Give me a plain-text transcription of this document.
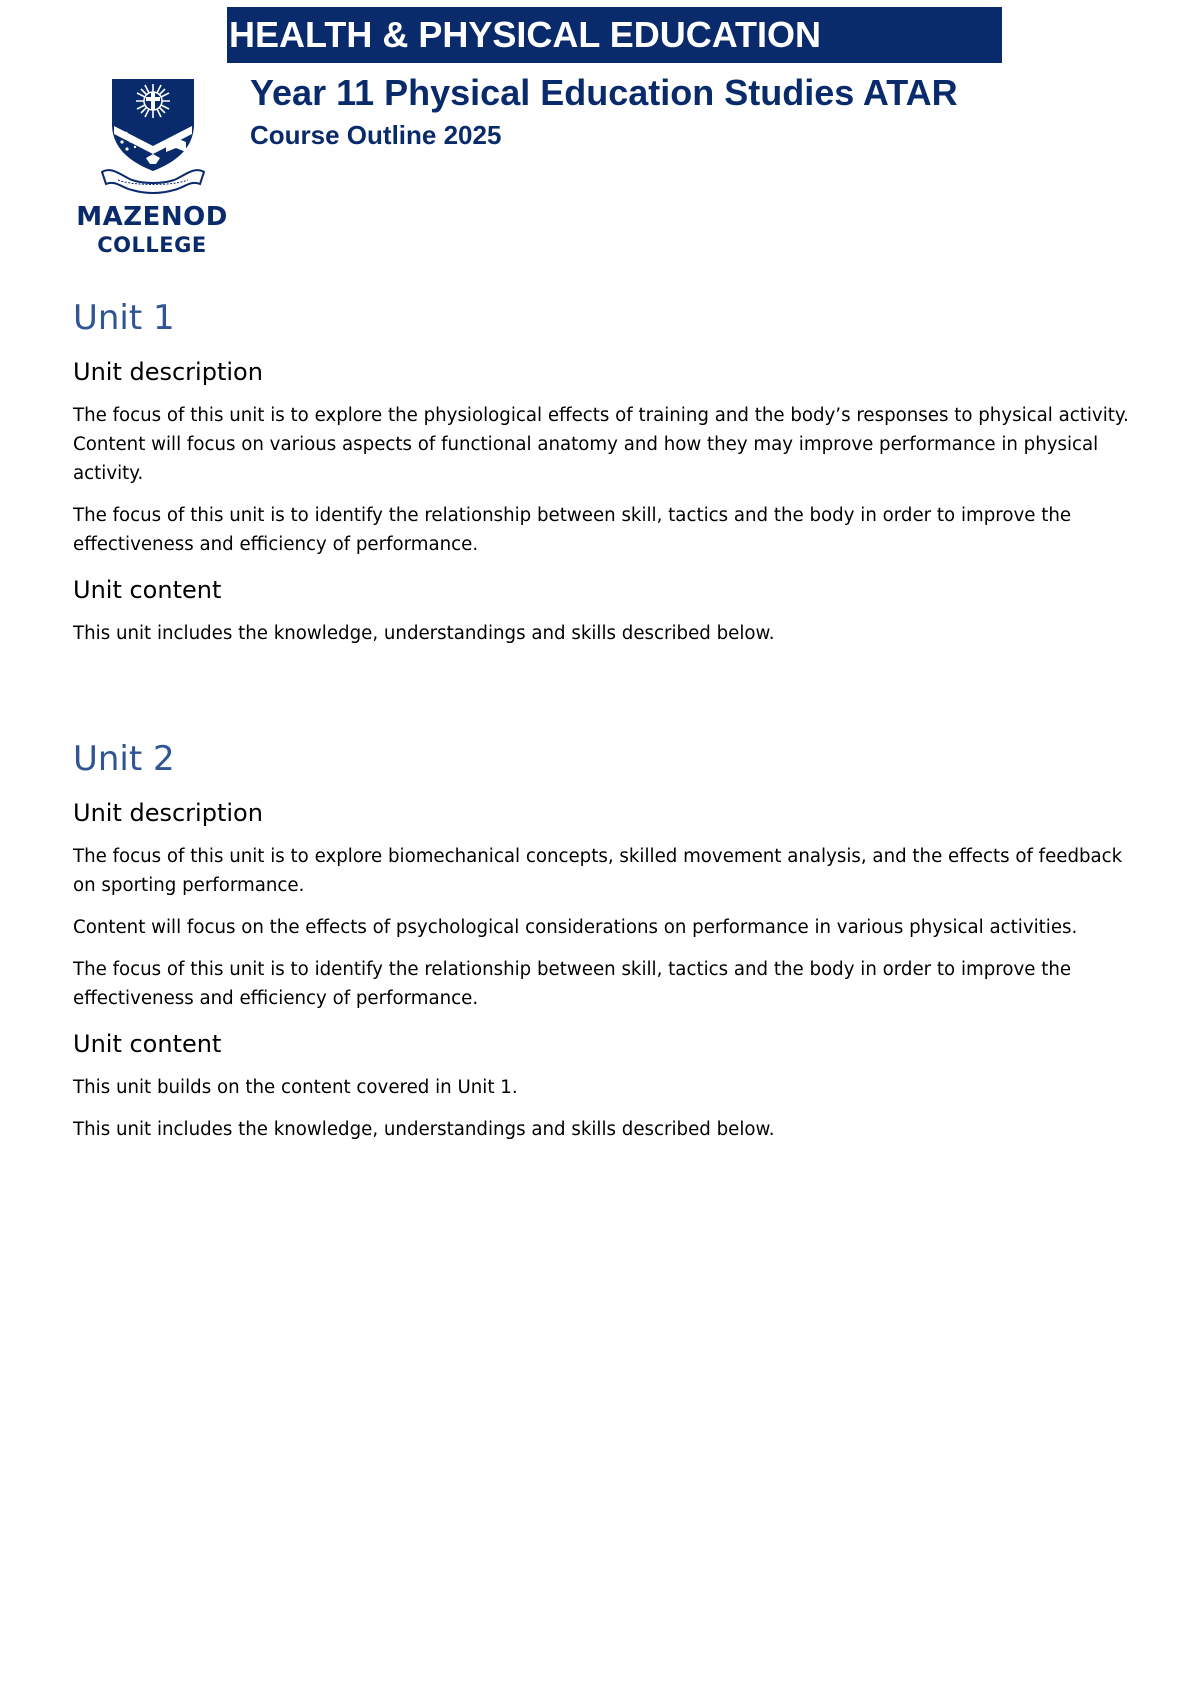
HEALTH & PHYSICAL EDUCATION
MAZENOD
COLLEGE
Year 11 Physical Education Studies ATAR
Course Outline 2025
Unit 1
Unit description

The focus of this unit is to explore the physiological effects of training and the body’s responses to physical activity. Content will focus on various aspects of functional anatomy and how they may improve performance in physical activity.

The focus of this unit is to identify the relationship between skill, tactics and the body in order to improve the effectiveness and efficiency of performance.

Unit content

This unit includes the knowledge, understandings and skills described below.

Unit 2
Unit description

The focus of this unit is to explore biomechanical concepts, skilled movement analysis, and the effects of feedback on sporting performance.

Content will focus on the effects of psychological considerations on performance in various physical activities.

The focus of this unit is to identify the relationship between skill, tactics and the body in order to improve the effectiveness and efficiency of performance.

Unit content

This unit builds on the content covered in Unit 1.

This unit includes the knowledge, understandings and skills described below.
